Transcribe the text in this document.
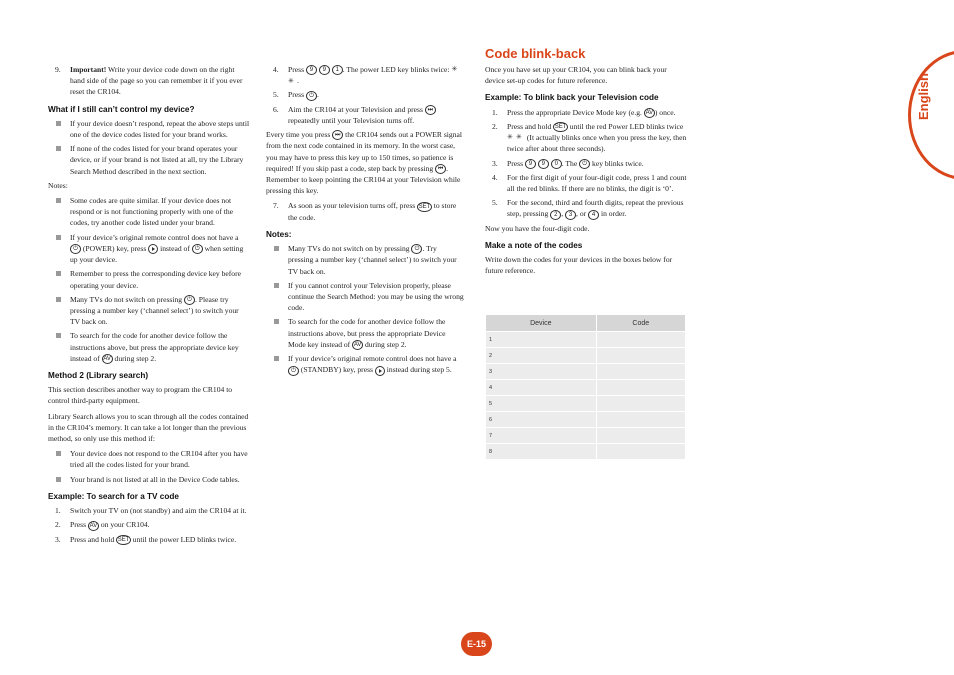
9. Important! Write your device code down on the right hand side of the page so you can remember it if you ever reset the CR104.
What if I still can’t control my device?
If your device doesn’t respond, repeat the above steps until one of the device codes listed for your brand works.
If none of the codes listed for your brand operates your device, or if your brand is not listed at all, try the Library Search Method described in the next section.

Notes:

Some codes are quite similar. If your device does not respond or is not functioning properly with one of the codes, try another code listed under your brand.
If your device’s original remote control does not have a ⏻ (POWER) key, press  instead of ⏻ when setting up your device.
Remember to press the corresponding device key before operating your device.
Many TVs do not switch on pressing ⏻ . Please try pressing a number key (‘channel select’) to switch your TV back on.
To search for the code for another device follow the instructions above, but press the appropriate device key instead of AV during step 2.
Method 2 (Library search)

This section describes another way to program the CR104 to control third-party equipment.

Library Search allows you to scan through all the codes contained in the CR104’s memory. It can take a lot longer than the previous method, so only use this method if:

Your device does not respond to the CR104 after you have tried all the codes listed for your brand.
Your brand is not listed at all in the Device Code tables.
Example: To search for a TV code
1. Switch your TV on (not standby) and aim the CR104 at it.
2. Press AV on your CR104.
3. Press and hold SET until the power LED blinks twice.
4. Press 9 9 1 . The power LED key blinks twice: ✳✳.
5. Press ⏻ .
6. Aim the CR104 at your Television and press ⏭ repeatedly until your Television turns off.

Every time you press ⏭ the CR104 sends out a POWER signal from the next code contained in its memory. In the worst case, you may have to press this key up to 150 times, so patience is required! If you skip past a code, step back by pressing ⏮ . Remember to keep pointing the CR104 at your Television while pressing this key.

7. As soon as your television turns off, press SET to store the code.
Notes:
Many TVs do not switch on by pressing ⏻ . Try pressing a number key (‘channel select’) to switch your TV back on.
If you cannot control your Television properly, please continue the Search Method: you may be using the wrong code.
To search for the code for another device follow the instructions above, but press the appropriate Device Mode key instead of AV during step 2.
If your device’s original remote control does not have a ⏻ (STANDBY) key, press  instead during step 5.
Code blink-back

Once you have set up your CR104, you can blink back your device set-up codes for future reference.

Example: To blink back your Television code
1. Press the appropriate Device Mode key (e.g. AV ) once.
2. Press and hold SET until the red Power LED blinks twice ✳✳ (It actually blinks once when you press the key, then twice after about three seconds).
3. Press 9 9 0 . The ⏻ key blinks twice.
4. For the first digit of your four-digit code, press 1 and count all the red blinks. If there are no blinks, the digit is ‘0’.
5. For the second, third and fourth digits, repeat the previous step, pressing 2 , 3 , or 4 in order.

Now you have the four-digit code.

Make a note of the codes

Write down the codes for your devices in the boxes below for future reference.

Device	Code
1	
2	
3	
4	
5	
6	
7	
8	
English
E-15
